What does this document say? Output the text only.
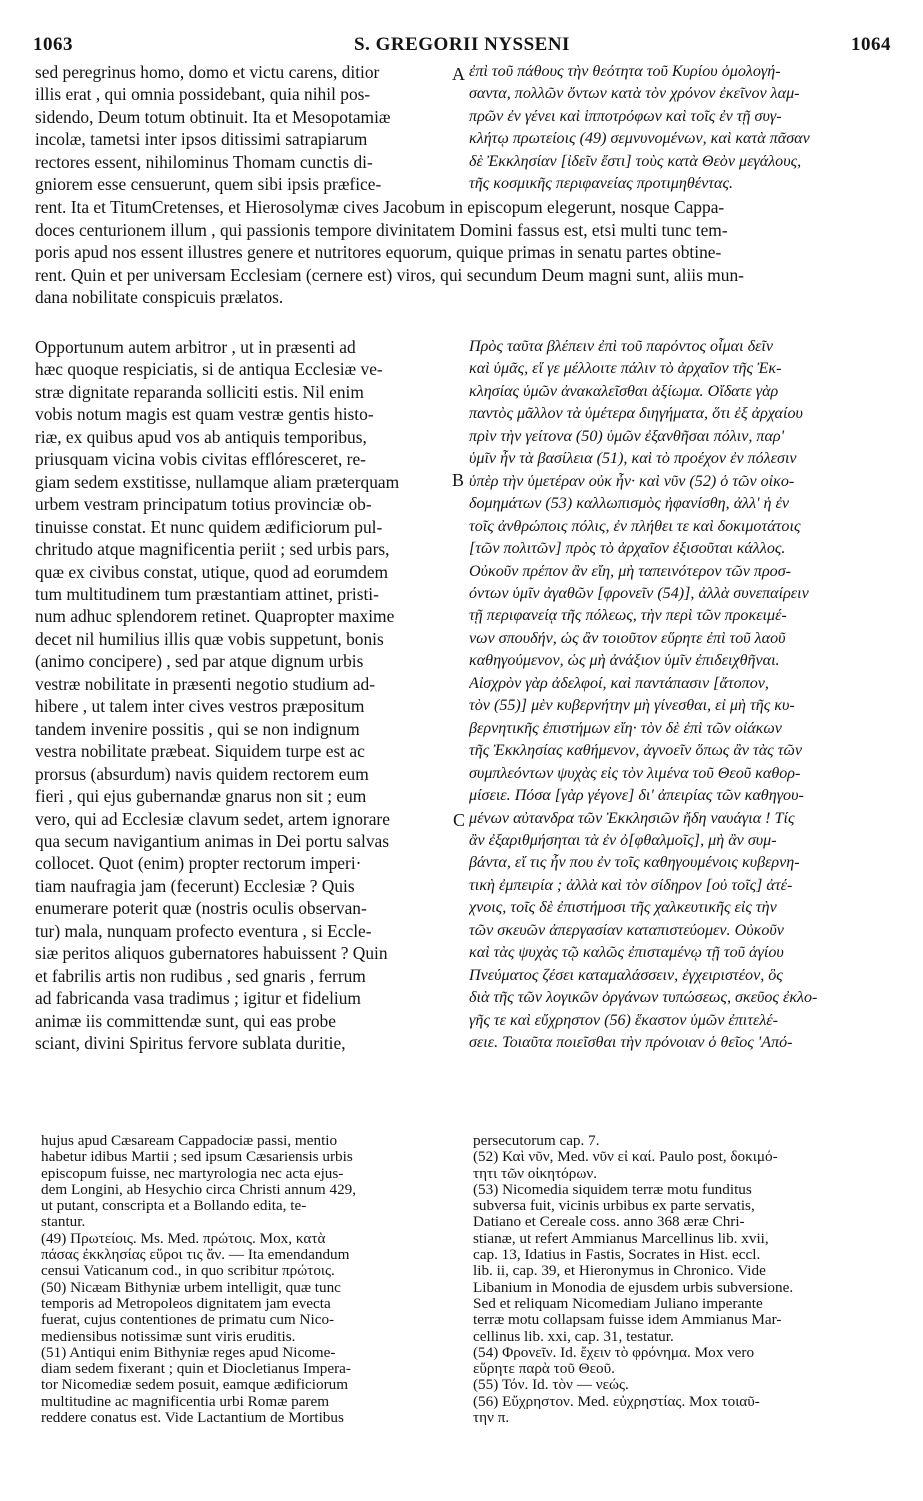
1063	S. GREGORII NYSSENI	1064
sed peregrinus homo, domo et victu carens, ditior
illis erat , qui omnia possidebant, quia nihil pos-
sidendo, Deum totum obtinuit. Ita et Mesopotamiæ
incolæ, tametsi inter ipsos ditissimi satrapiarum
rectores essent, nihilominus Thomam cunctis di-
gniorem esse censuerunt, quem sibi ipsis præfice-
A ἐπὶ τοῦ πάθους τὴν θεότητα τοῦ Κυρίου ὁμολογή-
σαντα, πολλῶν ὄντων κατὰ τὸν χρόνον ἐκεῖνον λαμ-
πρῶν ἐν γένει καὶ ἱπποτρόφων καὶ τοῖς ἐν τῇ συγ-
κλήτῳ πρωτείοις (49) σεμνυνομένων, καὶ κατὰ πᾶσαν
δὲ Ἐκκλησίαν [ἰδεῖν ἔστι] τοὺς κατὰ Θεὸν μεγάλους,
τῆς κοσμικῆς περιφανείας προτιμηθέντας.
rent. Ita et TitumCretenses, et Hierosolymæ cives Jacobum in episcopum elegerunt, nosque Cappa-
doces centurionem illum , qui passionis tempore divinitatem Domini fassus est, etsi multi tunc tem-
poris apud nos essent illustres genere et nutritores equorum, quique primas in senatu partes obtine-
rent. Quin et per universam Ecclesiam (cernere est) viros, qui secundum Deum magni sunt, aliis mun-
dana nobilitate conspicuis prælatos.
Opportunum autem arbitror , ut in præsenti ad
hæc quoque respiciatis, si de antiqua Ecclesiæ ve-
stræ dignitate reparanda solliciti estis. Nil enim
vobis notum magis est quam vestræ gentis histo-
riæ, ex quibus apud vos ab antiquis temporibus,
priusquam vicina vobis civitas efflóresceret, re-
giam sedem exstitisse, nullamque aliam præterquam
urbem vestram principatum totius provinciæ ob-
tinuisse constat. Et nunc quidem ædificiorum pul-
chritudo atque magnificentia periit ; sed urbis pars,
quæ ex civibus constat, utique, quod ad eorumdem
tum multitudinem tum præstantiam attinet, pristi-
num adhuc splendorem retinet. Quapropter maxime
decet nil humilius illis quæ vobis suppetunt, bonis
(animo concipere) , sed par atque dignum urbis
vestræ nobilitate in præsenti negotio studium ad-
hibere , ut talem inter cives vestros præpositum
tandem invenire possitis , qui se non indignum
vestra nobilitate præbeat. Siquidem turpe est ac
prorsus (absurdum) navis quidem rectorem eum
fieri , qui ejus gubernandæ gnarus non sit ; eum
vero, qui ad Ecclesiæ clavum sedet, artem ignorare
qua secum navigantium animas in Dei portu salvas
collocet. Quot (enim) propter rectorum imperi·
tiam naufragia jam (fecerunt) Ecclesiæ ? Quis
enumerare poterit quæ (nostris oculis observan-
tur) mala, nunquam profecto eventura , si Eccle-
siæ peritos aliquos gubernatores habuissent ? Quin
et fabrilis artis non rudibus , sed gnaris , ferrum
ad fabricanda vasa tradimus ; igitur et fidelium
animæ iis committendæ sunt, qui eas probe
sciant, divini Spiritus fervore sublata duritie,
B
C
Πρὸς ταῦτα βλέπειν ἐπὶ τοῦ παρόντος οἶμαι δεῖν
καὶ ὑμᾶς, εἴ γε μέλλοιτε πάλιν τὸ ἀρχαῖον τῆς Ἐκ-
κλησίας ὑμῶν ἀνακαλεῖσθαι ἀξίωμα. Οἴδατε γὰρ
παντὸς μᾶλλον τὰ ὑμέτερα διηγήματα, ὅτι ἐξ ἀρχαίου
πρὶν τὴν γείτονα (50) ὑμῶν ἐξανθῆσαι πόλιν, παρ'
ὑμῖν ἦν τὰ βασίλεια (51), καὶ τὸ προέχον ἐν πόλεσιν
ὑπὲρ τὴν ὑμετέραν οὐκ ἦν· καὶ νῦν (52) ὁ τῶν οἰκο-
δομημάτων (53) καλλωπισμὸς ἠφανίσθη, ἀλλ' ἡ ἐν
τοῖς ἀνθρώποις πόλις, ἐν πλήθει τε καὶ δοκιμοτάτοις
[τῶν πολιτῶν] πρὸς τὸ ἀρχαῖον ἐξισοῦται κάλλος.
Οὐκοῦν πρέπον ἂν εἴη, μὴ ταπεινότερον τῶν προσ-
όντων ὑμῖν ἀγαθῶν [φρονεῖν (54)], ἀλλὰ συνεπαίρειν
τῇ περιφανείᾳ τῆς πόλεως, τὴν περὶ τῶν προκειμέ-
νων σπουδήν, ὡς ἂν τοιοῦτον εὕρητε ἐπὶ τοῦ λαοῦ
καθηγούμενον, ὡς μὴ ἀνάξιον ὑμῖν ἐπιδειχθῆναι.
Αἰσχρὸν γὰρ ἀδελφοί, καὶ παντάπασιν [ἄτοπον,
τὸν (55)] μὲν κυβερνήτην μὴ γίνεσθαι, εἰ μὴ τῆς κυ-
βερνητικῆς ἐπιστήμων εἴη· τὸν δὲ ἐπὶ τῶν οἰάκων
τῆς Ἐκκλησίας καθήμενον, ἀγνοεῖν ὅπως ἂν τὰς τῶν
συμπλεόντων ψυχὰς εἰς τὸν λιμένα τοῦ Θεοῦ καθορ-
μίσειε. Πόσα [γὰρ γέγονε] δι' ἀπειρίας τῶν καθηγου-
μένων αὐτανδρα τῶν Ἐκκλησιῶν ἤδη ναυάγια ! Τίς
ἂν ἐξαριθμήσηται τὰ ἐν ὀ[φθαλμοῖς], μὴ ἂν συμ-
βάντα, εἴ τις ἦν που ἐν τοῖς καθηγουμένοις κυβερνη-
τικὴ ἐμπειρία ; ἀλλὰ καὶ τὸν σίδηρον [οὐ τοῖς] ἀτέ-
χνοις, τοῖς δὲ ἐπιστήμοσι τῆς χαλκευτικῆς εἰς τὴν
τῶν σκευῶν ἀπεργασίαν καταπιστεύομεν. Οὐκοῦν
καὶ τὰς ψυχὰς τῷ καλῶς ἐπισταμένῳ τῇ τοῦ ἁγίου
Πνεύματος ζέσει καταμαλάσσειν, ἐγχειριστέον, ὃς
διὰ τῆς τῶν λογικῶν ὀργάνων τυπώσεως, σκεῦος ἐκλο-
γῆς τε καὶ εὔχρηστον (56) ἕκαστον ὑμῶν ἐπιτελέ-
σειε. Τοιαῦτα ποιεῖσθαι τὴν πρόνοιαν ὁ θεῖος 'Από-
hujus apud Cæsaream Cappadociæ passi, mentio
habetur idibus Martii ; sed ipsum Cæsariensis urbis
episcopum fuisse, nec martyrologia nec acta ejus-
dem Longini, ab Hesychio circa Christi annum 429,
ut putant, conscripta et a Bollando edita, te-
stantur.
(49) Πρωτείοις. Ms. Med. πρώτοις. Mox, κατὰ
πάσας ἐκκλησίας εὕροι τις ἄν. — Ita emendandum
censui Vaticanum cod., in quo scribitur πρώτοις.
(50) Nicæam Bithyniæ urbem intelligit, quæ tunc
temporis ad Metropoleos dignitatem jam evecta
fuerat, cujus contentiones de primatu cum Nico-
mediensibus notissimæ sunt viris eruditis.
(51) Antiqui enim Bithyniæ reges apud Nicome-
diam sedem fixerant ; quin et Diocletianus Impera-
tor Nicomediæ sedem posuit, eamque ædificiorum
multitudine ac magnificentia urbi Romæ parem
reddere conatus est. Vide Lactantium de Mortibus
persecutorum cap. 7.
(52) Καὶ νῦν, Med. νῦν εἰ καί. Paulo post, δοκιμό-
τητι τῶν οἰκητόρων.
(53) Nicomedia siquidem terræ motu funditus
subversa fuit, vicinis urbibus ex parte servatis,
Datiano et Cereale coss. anno 368 æræ Chri-
stianæ, ut refert Ammianus Marcellinus lib. xvii,
cap. 13, Idatius in Fastis, Socrates in Hist. eccl.
lib. ii, cap. 39, et Hieronymus in Chronico. Vide
Libanium in Monodia de ejusdem urbis subversione.
Sed et reliquam Nicomediam Juliano imperante
terræ motu collapsam fuisse idem Ammianus Mar-
cellinus lib. xxi, cap. 31, testatur.
(54) Φρονεῖν. Id. ἔχειν τὸ φρόνημα. Mox vero
εὕρητε παρὰ τοῦ Θεοῦ.
(55) Τόν. Id. τὸν — νεώς.
(56) Εὔχρηστον. Med. εὐχρηστίας. Mox τοιαῦ-
την π.
